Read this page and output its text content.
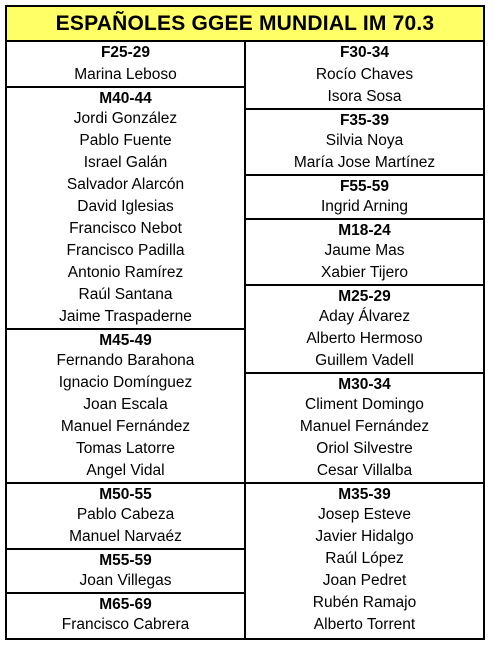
ESPAÑOLES GGEE MUNDIAL IM 70.3
F25-29
Marina Leboso
M40-44
Jordi González
Pablo Fuente
Israel Galán
Salvador Alarcón
David Iglesias
Francisco Nebot
Francisco Padilla
Antonio Ramírez
Raúl Santana
Jaime Traspaderne
M45-49
Fernando Barahona
Ignacio Domínguez
Joan Escala
Manuel Fernández
Tomas Latorre
Angel Vidal
M50-55
Pablo Cabeza
Manuel Narvaéz
M55-59
Joan Villegas
M65-69
Francisco Cabrera
F30-34
Rocío Chaves
Isora Sosa
F35-39
Silvia Noya
María Jose Martínez
F55-59
Ingrid Arning
M18-24
Jaume Mas
Xabier Tijero
M25-29
Aday Álvarez
Alberto Hermoso
Guillem Vadell
M30-34
Climent Domingo
Manuel Fernández
Oriol Silvestre
Cesar Villalba
M35-39
Josep Esteve
Javier Hidalgo
Raúl López
Joan Pedret
Rubén Ramajo
Alberto Torrent
